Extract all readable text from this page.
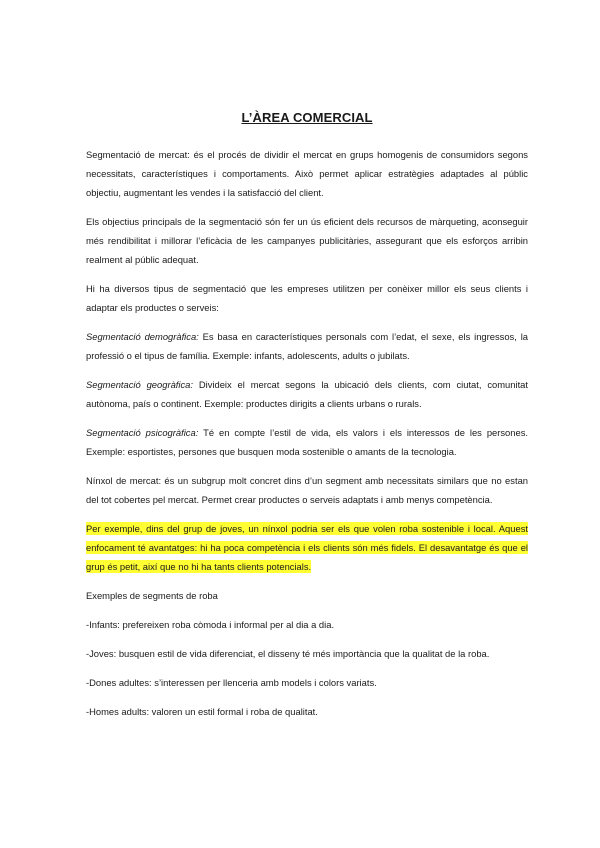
L’ÀREA COMERCIAL

Segmentació de mercat: és el procés de dividir el mercat en grups homogenis de consumidors segons necessitats, característiques i comportaments. Això permet aplicar estratègies adaptades al públic objectiu, augmentant les vendes i la satisfacció del client.

Els objectius principals de la segmentació són fer un ús eficient dels recursos de màrqueting, aconseguir més rendibilitat i millorar l’eficàcia de les campanyes publicitàries, assegurant que els esforços arribin realment al públic adequat.

Hi ha diversos tipus de segmentació que les empreses utilitzen per conèixer millor els seus clients i adaptar els productes o serveis:

Segmentació demogràfica: Es basa en característiques personals com l’edat, el sexe, els ingressos, la professió o el tipus de família. Exemple: infants, adolescents, adults o jubilats.

Segmentació geogràfica: Divideix el mercat segons la ubicació dels clients, com ciutat, comunitat autònoma, país o continent. Exemple: productes dirigits a clients urbans o rurals.

Segmentació psicogràfica: Té en compte l’estil de vida, els valors i els interessos de les persones. Exemple: esportistes, persones que busquen moda sostenible o amants de la tecnologia.

Nínxol de mercat: és un subgrup molt concret dins d’un segment amb necessitats similars que no estan del tot cobertes pel mercat. Permet crear productes o serveis adaptats i amb menys competència.

Per exemple, dins del grup de joves, un nínxol podria ser els que volen roba sostenible i local. Aquest enfocament té avantatges: hi ha poca competència i els clients són més fidels. El desavantatge és que el grup és petit, així que no hi ha tants clients potencials.

Exemples de segments de roba

-Infants: prefereixen roba còmoda i informal per al dia a dia.

-Joves: busquen estil de vida diferenciat, el disseny té més importància que la qualitat de la roba.

-Dones adultes: s’interessen per llenceria amb models i colors variats.

-Homes adults: valoren un estil formal i roba de qualitat.
